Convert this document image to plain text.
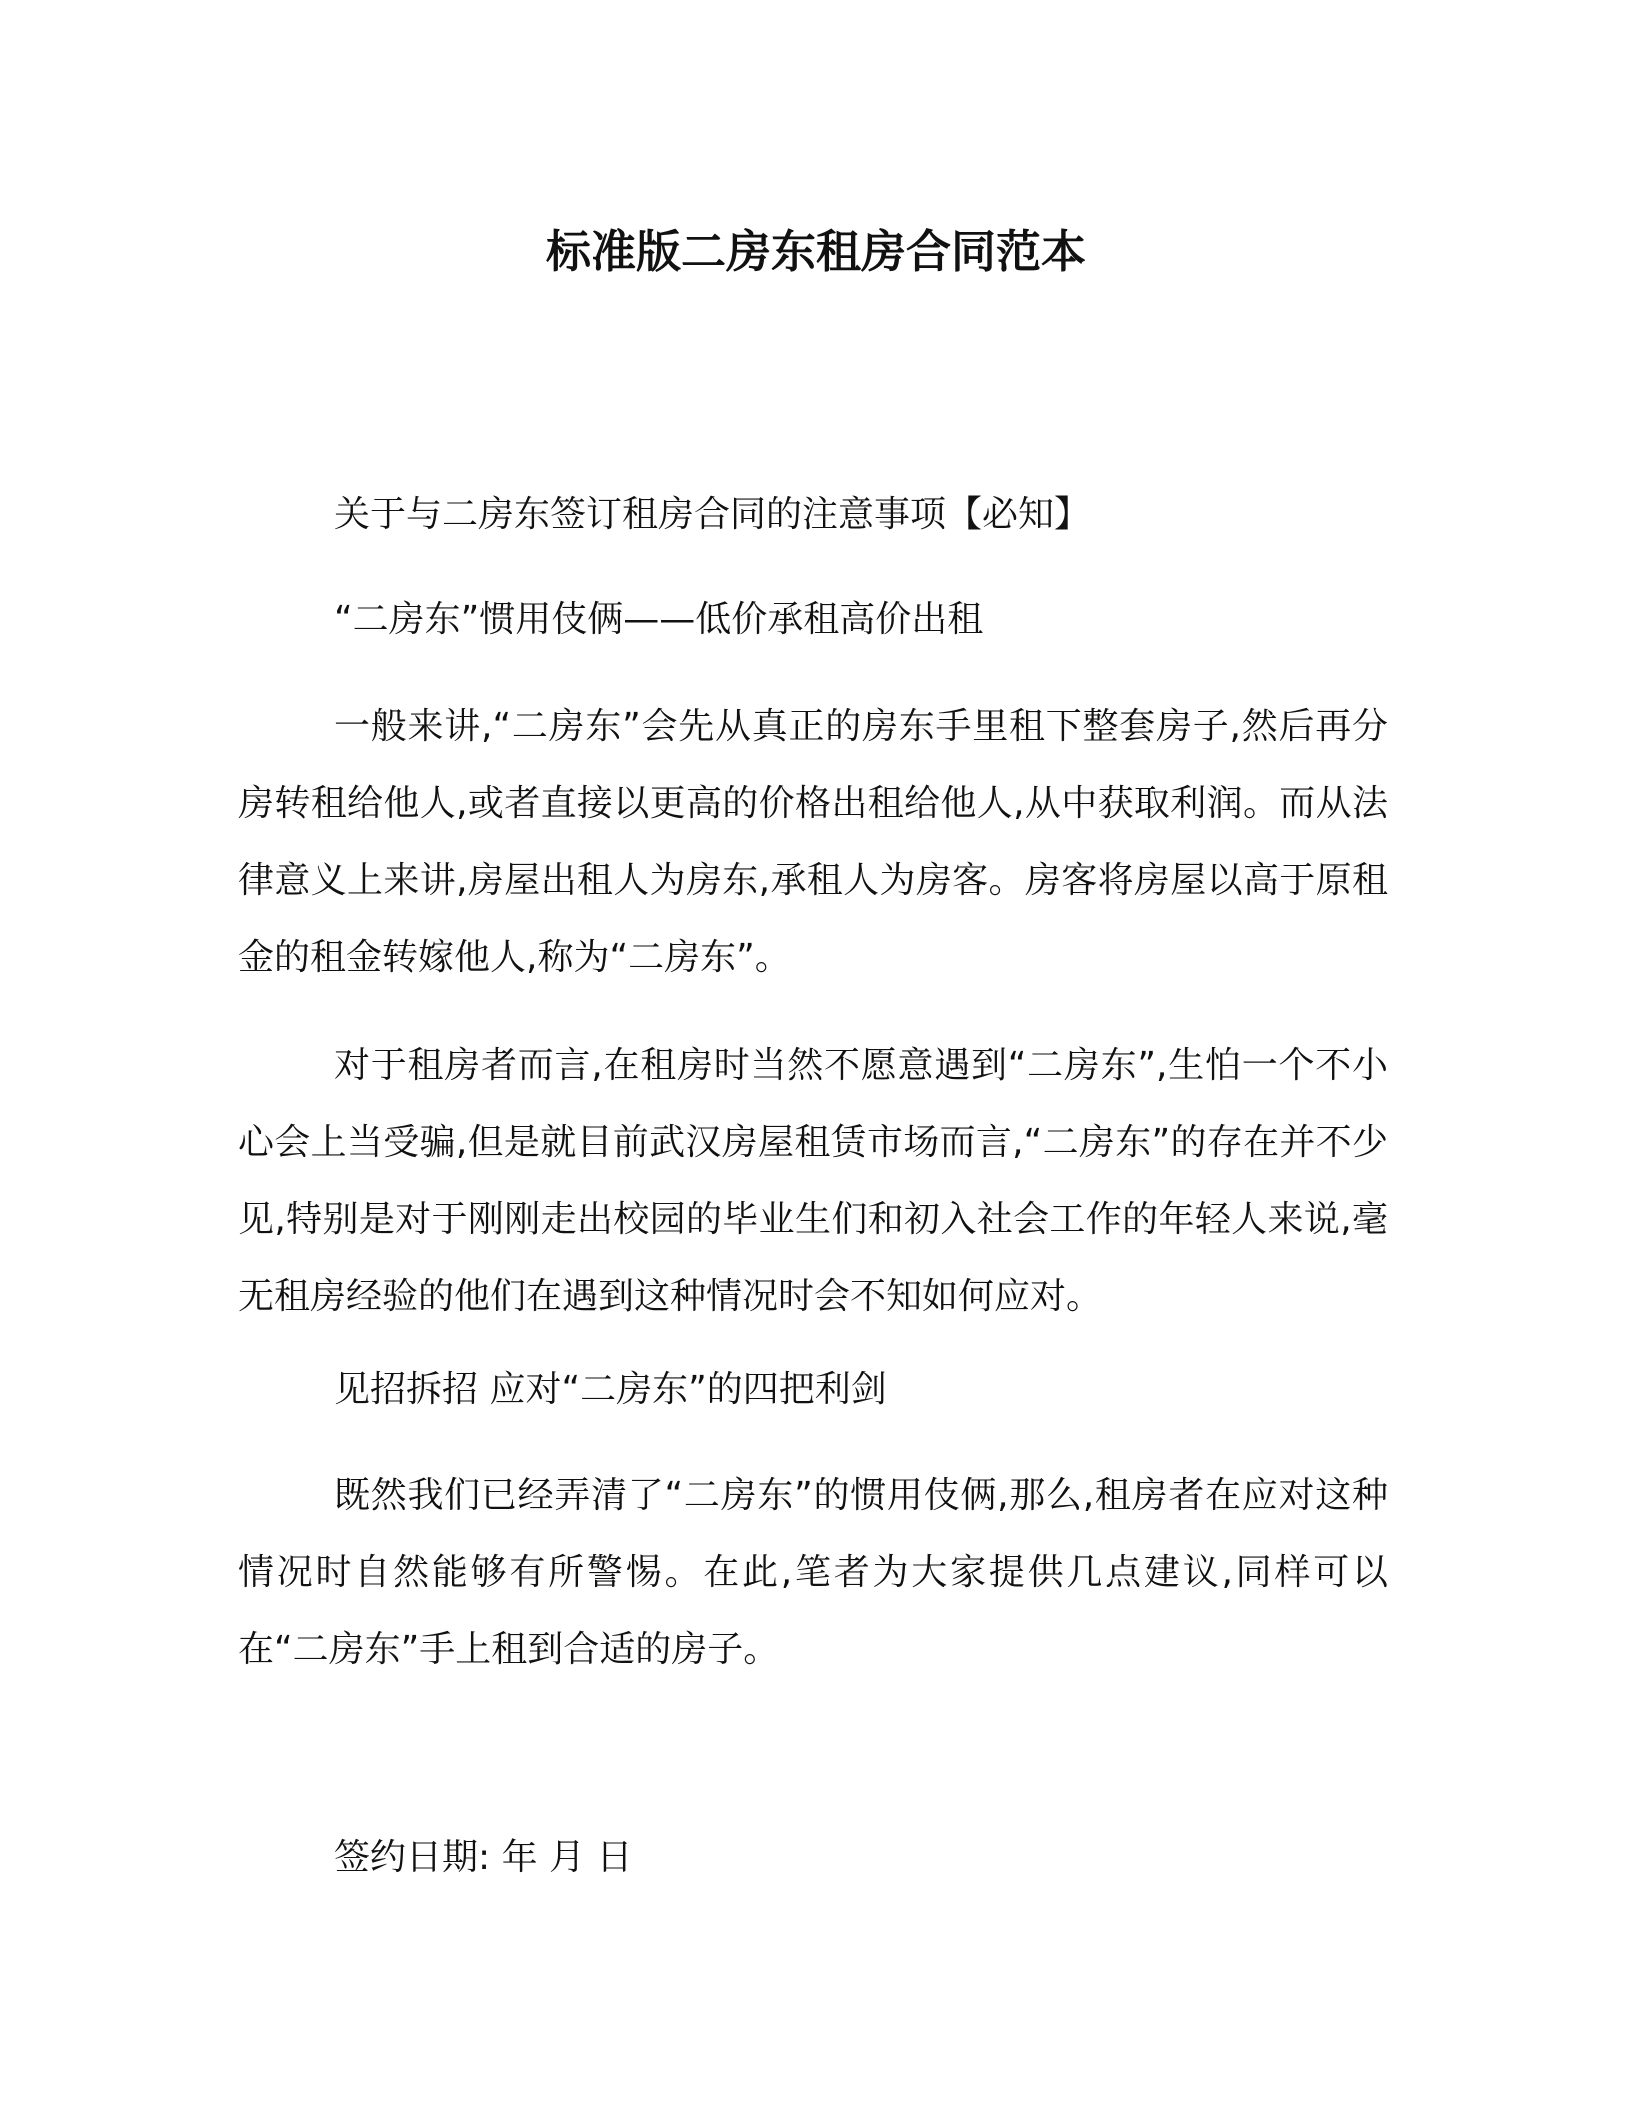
标准版二房东租房合同范本
关于与二房东签订租房合同的注意事项【必知】
“二房东”惯用伎俩——低价承租高价出租
一般来讲,“二房东”会先从真正的房东手里租下整套房子,然后再分房转租给他人,或者直接以更高的价格出租给他人,从中获取利润。而从法律意义上来讲,房屋出租人为房东,承租人为房客。房客将房屋以高于原租金的租金转嫁他人,称为“二房东”。
对于租房者而言,在租房时当然不愿意遇到“二房东”,生怕一个不小心会上当受骗,但是就目前武汉房屋租赁市场而言,“二房东”的存在并不少见,特别是对于刚刚走出校园的毕业生们和初入社会工作的年轻人来说,毫无租房经验的他们在遇到这种情况时会不知如何应对。
见招拆招 应对“二房东”的四把利剑
既然我们已经弄清了“二房东”的惯用伎俩,那么,租房者在应对这种情况时自然能够有所警惕。在此,笔者为大家提供几点建议,同样可以在“二房东”手上租到合适的房子。
签约日期: 年 月 日
